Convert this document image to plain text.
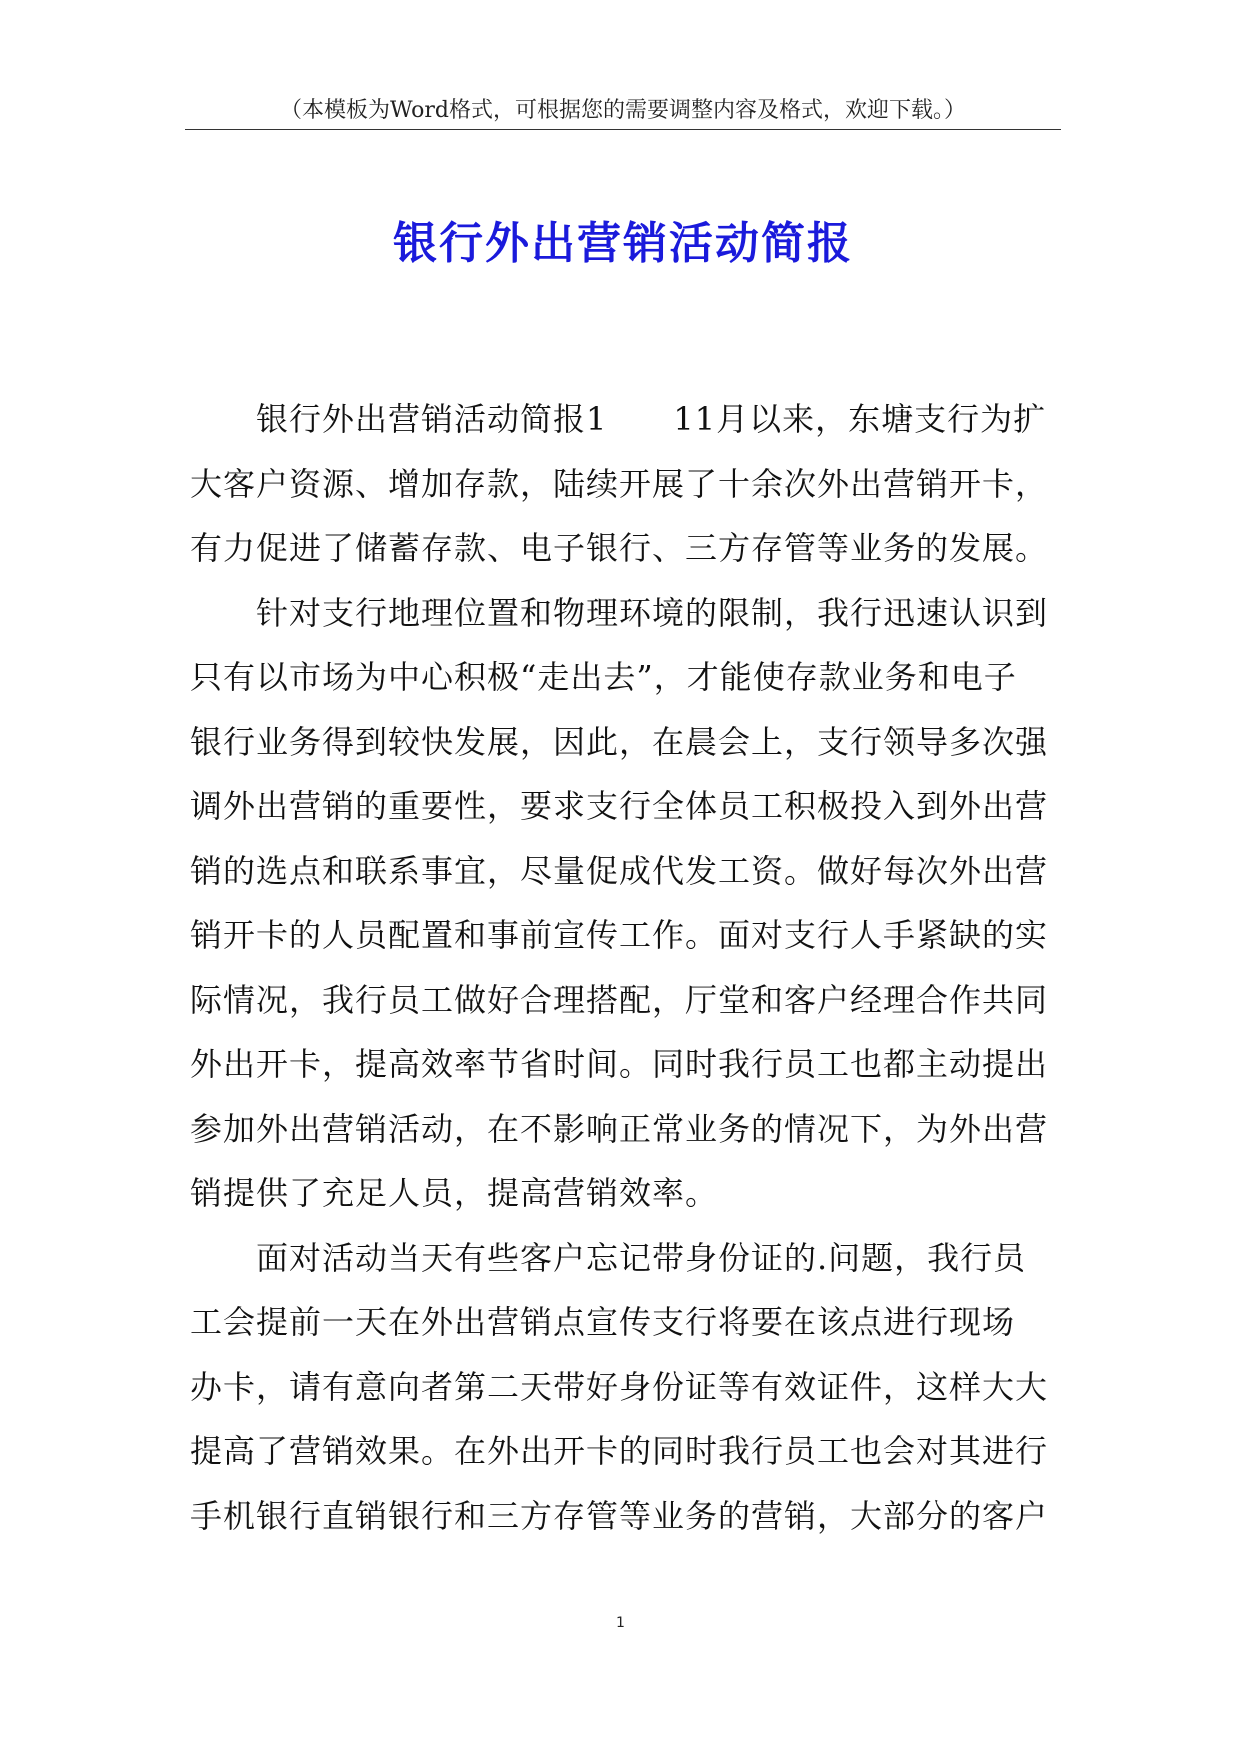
（本模板为Word格式，可根据您的需要调整内容及格式，欢迎下载。）
银行外出营销活动简报
银行外出营销活动简报1　　11月以来，东塘支行为扩
大客户资源、增加存款，陆续开展了十余次外出营销开卡，
有力促进了储蓄存款、电子银行、三方存管等业务的发展。
针对支行地理位置和物理环境的限制，我行迅速认识到
只有以市场为中心积极“走出去”，才能使存款业务和电子
银行业务得到较快发展，因此，在晨会上，支行领导多次强
调外出营销的重要性，要求支行全体员工积极投入到外出营
销的选点和联系事宜，尽量促成代发工资。做好每次外出营
销开卡的人员配置和事前宣传工作。面对支行人手紧缺的实
际情况，我行员工做好合理搭配，厅堂和客户经理合作共同
外出开卡，提高效率节省时间。同时我行员工也都主动提出
参加外出营销活动，在不影响正常业务的情况下，为外出营
销提供了充足人员，提高营销效率。
面对活动当天有些客户忘记带身份证的.问题，我行员
工会提前一天在外出营销点宣传支行将要在该点进行现场
办卡，请有意向者第二天带好身份证等有效证件，这样大大
提高了营销效果。在外出开卡的同时我行员工也会对其进行
手机银行直销银行和三方存管等业务的营销，大部分的客户
1
